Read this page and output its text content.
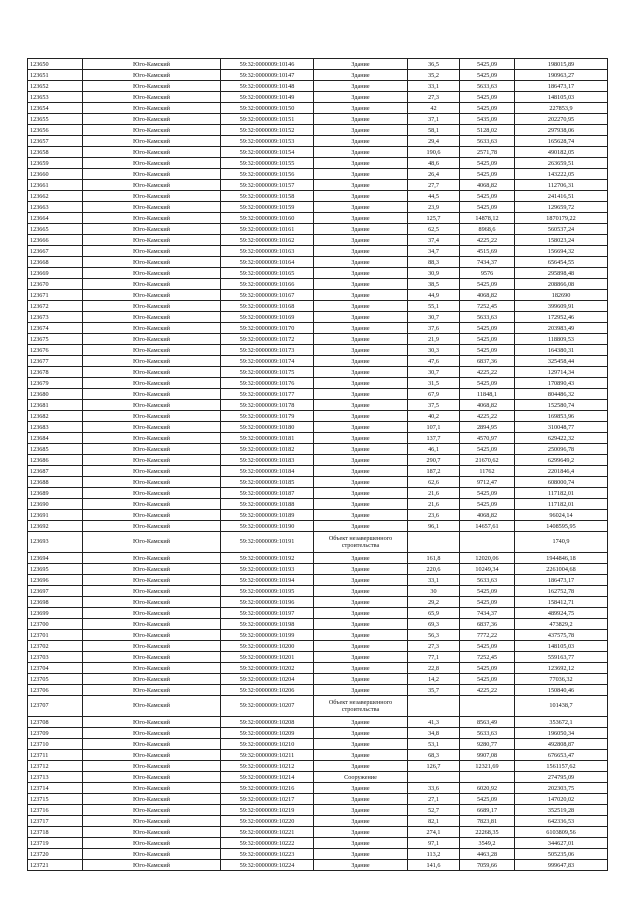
123650	Юго-Камский	59:32:0000009:10146	Здание	36,5	5425,09	198015,89
123651	Юго-Камский	59:32:0000009:10147	Здание	35,2	5425,09	190963,27
123652	Юго-Камский	59:32:0000009:10148	Здание	33,1	5633,63	186473,17
123653	Юго-Камский	59:32:0000009:10149	Здание	27,3	5425,09	148105,03
123654	Юго-Камский	59:32:0000009:10150	Здание	42	5425,09	227853,9
123655	Юго-Камский	59:32:0000009:10151	Здание	37,1	5435,09	202270,95
123656	Юго-Камский	59:32:0000009:10152	Здание	58,1	5128,02	297938,06
123657	Юго-Камский	59:32:0000009:10153	Здание	29,4	5633,63	165628,74
123658	Юго-Камский	59:32:0000009:10154	Здание	190,6	2571,78	490182,05
123659	Юго-Камский	59:32:0000009:10155	Здание	48,6	5425,09	263659,51
123660	Юго-Камский	59:32:0000009:10156	Здание	26,4	5425,09	143222,05
123661	Юго-Камский	59:32:0000009:10157	Здание	27,7	4068,82	112706,31
123662	Юго-Камский	59:32:0000009:10158	Здание	44,5	5425,09	241416,51
123663	Юго-Камский	59:32:0000009:10159	Здание	23,9	5425,09	129659,72
123664	Юго-Камский	59:32:0000009:10160	Здание	125,7	14878,12	1870179,22
123665	Юго-Камский	59:32:0000009:10161	Здание	62,5	8968,6	560537,24
123666	Юго-Камский	59:32:0000009:10162	Здание	37,4	4225,22	158023,24
123667	Юго-Камский	59:32:0000009:10163	Здание	34,7	4515,69	156694,32
123668	Юго-Камский	59:32:0000009:10164	Здание	88,3	7434,37	656454,55
123669	Юго-Камский	59:32:0000009:10165	Здание	30,9	9576	295898,48
123670	Юго-Камский	59:32:0000009:10166	Здание	38,5	5425,09	208866,08
123671	Юго-Камский	59:32:0000009:10167	Здание	44,9	4068,82	182690
123672	Юго-Камский	59:32:0000009:10168	Здание	55,1	7252,45	399609,91
123673	Юго-Камский	59:32:0000009:10169	Здание	30,7	5633,63	172952,46
123674	Юго-Камский	59:32:0000009:10170	Здание	37,6	5425,09	203983,49
123675	Юго-Камский	59:32:0000009:10172	Здание	21,9	5425,09	118809,53
123676	Юго-Камский	59:32:0000009:10173	Здание	30,3	5425,09	164380,31
123677	Юго-Камский	59:32:0000009:10174	Здание	47,6	6837,36	325458,44
123678	Юго-Камский	59:32:0000009:10175	Здание	30,7	4225,22	129714,34
123679	Юго-Камский	59:32:0000009:10176	Здание	31,5	5425,09	170890,43
123680	Юго-Камский	59:32:0000009:10177	Здание	67,9	11848,1	804486,32
123681	Юго-Камский	59:32:0000009:10178	Здание	37,5	4068,82	152580,74
123682	Юго-Камский	59:32:0000009:10179	Здание	40,2	4225,22	169853,96
123683	Юго-Камский	59:32:0000009:10180	Здание	107,1	2894,95	310048,77
123684	Юго-Камский	59:32:0000009:10181	Здание	137,7	4570,97	629422,32
123685	Юго-Камский	59:32:0000009:10182	Здание	46,1	5425,09	250096,78
123686	Юго-Камский	59:32:0000009:10183	Здание	290,7	21670,62	6299649,2
123687	Юго-Камский	59:32:0000009:10184	Здание	187,2	11762	2201846,4
123688	Юго-Камский	59:32:0000009:10185	Здание	62,6	9712,47	608000,74
123689	Юго-Камский	59:32:0000009:10187	Здание	21,6	5425,09	117182,01
123690	Юго-Камский	59:32:0000009:10188	Здание	21,6	5425,09	117182,01
123691	Юго-Камский	59:32:0000009:10189	Здание	23,6	4068,82	96024,14
123692	Юго-Камский	59:32:0000009:10190	Здание	96,1	14657,61	1408595,95
123693	Юго-Камский	59:32:0000009:10191	Объект незавершенного строительства			1740,9
123694	Юго-Камский	59:32:0000009:10192	Здание	161,8	12020,06	1944846,18
123695	Юго-Камский	59:32:0000009:10193	Здание	220,6	10249,34	2261004,68
123696	Юго-Камский	59:32:0000009:10194	Здание	33,1	5633,63	186473,17
123697	Юго-Камский	59:32:0000009:10195	Здание	30	5425,09	162752,78
123698	Юго-Камский	59:32:0000009:10196	Здание	29,2	5425,09	158412,71
123699	Юго-Камский	59:32:0000009:10197	Здание	65,9	7434,37	489924,75
123700	Юго-Камский	59:32:0000009:10198	Здание	69,3	6837,36	473829,2
123701	Юго-Камский	59:32:0000009:10199	Здание	56,3	7772,22	437575,78
123702	Юго-Камский	59:32:0000009:10200	Здание	27,3	5425,09	148105,03
123703	Юго-Камский	59:32:0000009:10201	Здание	77,1	7252,45	559163,77
123704	Юго-Камский	59:32:0000009:10202	Здание	22,8	5425,09	123692,12
123705	Юго-Камский	59:32:0000009:10204	Здание	14,2	5425,09	77036,32
123706	Юго-Камский	59:32:0000009:10206	Здание	35,7	4225,22	150840,46
123707	Юго-Камский	59:32:0000009:10207	Объект незавершенного строительства			101438,7
123708	Юго-Камский	59:32:0000009:10208	Здание	41,3	8563,49	353672,1
123709	Юго-Камский	59:32:0000009:10209	Здание	34,8	5633,63	196050,34
123710	Юго-Камский	59:32:0000009:10210	Здание	53,1	9280,77	492808,87
123711	Юго-Камский	59:32:0000009:10211	Здание	68,3	9907,08	676653,47
123712	Юго-Камский	59:32:0000009:10212	Здание	126,7	12321,69	1561157,62
123713	Юго-Камский	59:32:0000009:10214	Сооружение			274795,09
123714	Юго-Камский	59:32:0000009:10216	Здание	33,6	6020,92	202303,75
123715	Юго-Камский	59:32:0000009:10217	Здание	27,1	5425,09	147020,02
123716	Юго-Камский	59:32:0000009:10219	Здание	52,7	6689,17	352519,28
123717	Юго-Камский	59:32:0000009:10220	Здание	82,1	7823,81	642336,53
123718	Юго-Камский	59:32:0000009:10221	Здание	274,1	22268,35	6103809,56
123719	Юго-Камский	59:32:0000009:10222	Здание	97,1	3549,2	344627,01
123720	Юго-Камский	59:32:0000009:10223	Здание	113,2	4463,28	505235,06
123721	Юго-Камский	59:32:0000009:10224	Здание	141,6	7059,66	999647,83
